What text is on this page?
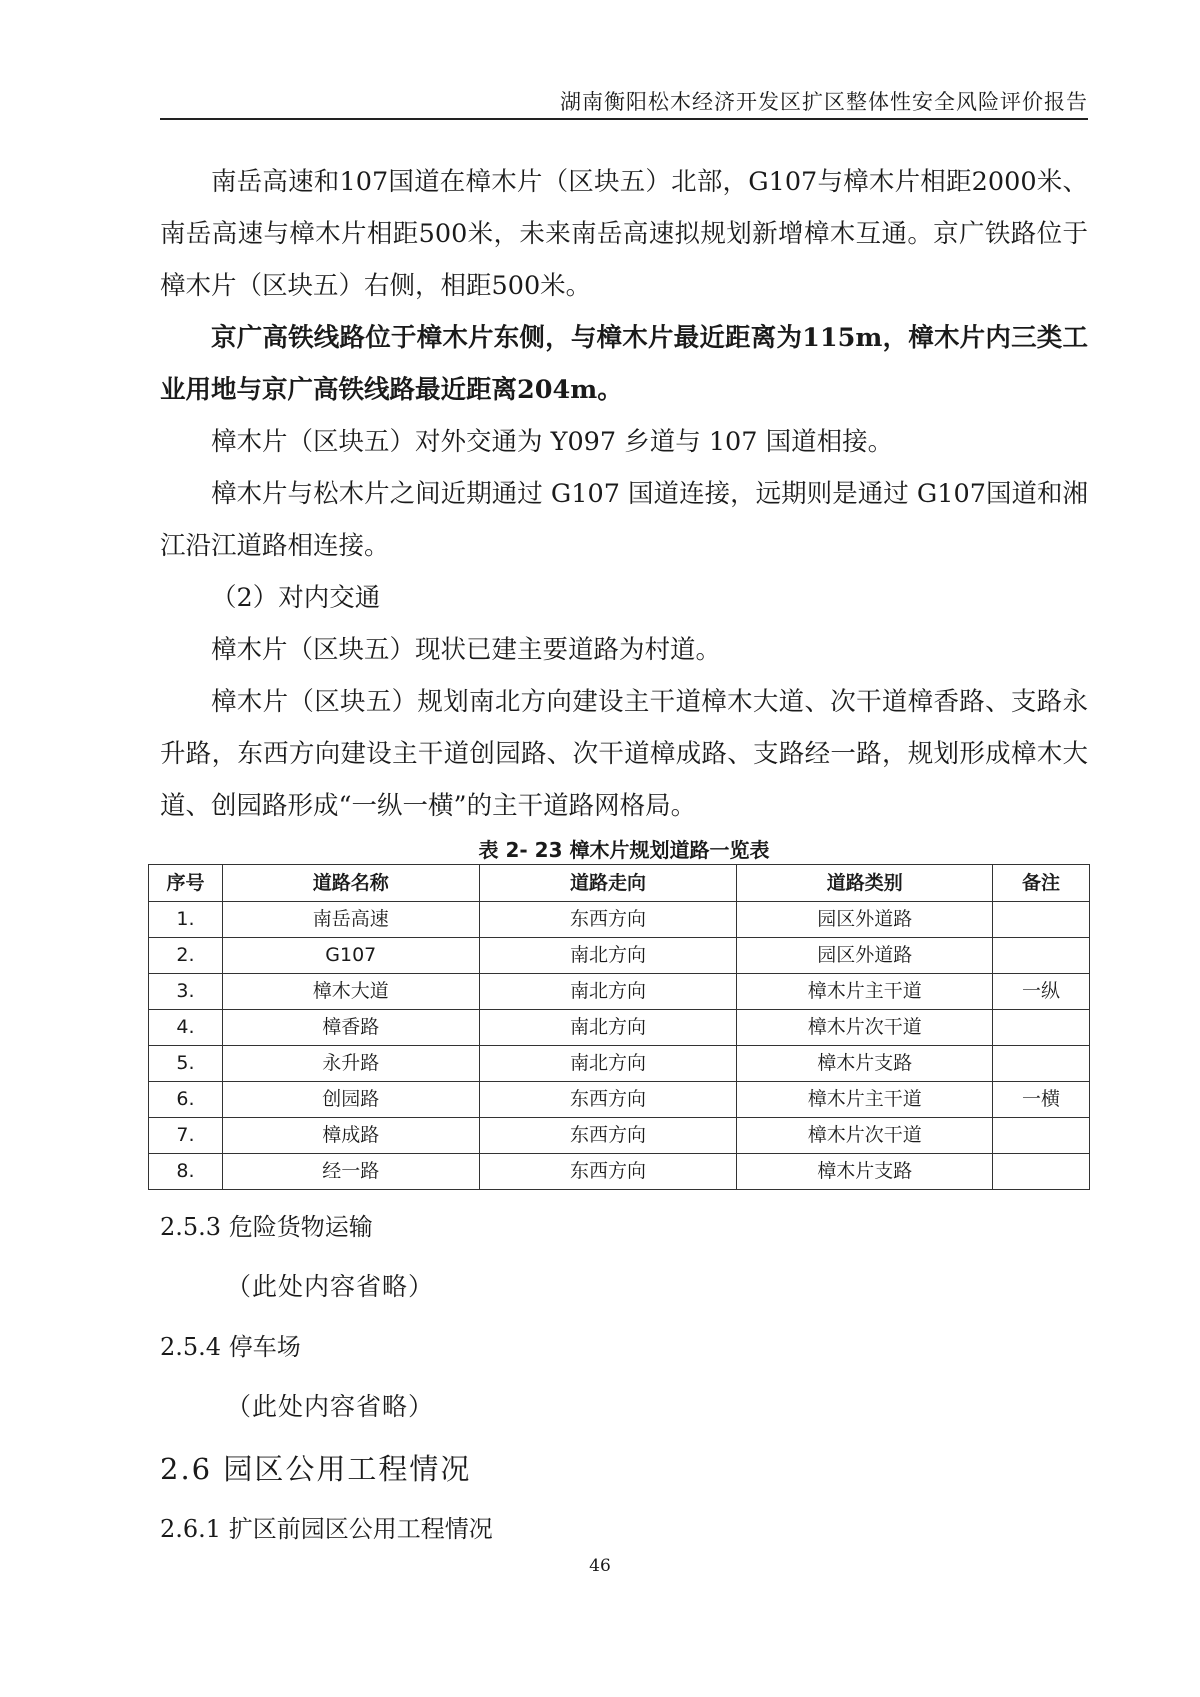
湖南衡阳松木经济开发区扩区整体性安全风险评价报告

南岳高速和107国道在樟木片（区块五）北部，G107与樟木片相距2000米、南岳高速与樟木片相距500米，未来南岳高速拟规划新增樟木互通。京广铁路位于樟木片（区块五）右侧，相距500米。

京广高铁线路位于樟木片东侧，与樟木片最近距离为115m，樟木片内三类工业用地与京广高铁线路最近距离204m。

樟木片（区块五）对外交通为 Y097 乡道与 107 国道相接。

樟木片与松木片之间近期通过 G107 国道连接，远期则是通过 G107国道和湘江沿江道路相连接。

（2）对内交通

樟木片（区块五）现状已建主要道路为村道。

樟木片（区块五）规划南北方向建设主干道樟木大道、次干道樟香路、支路永升路，东西方向建设主干道创园路、次干道樟成路、支路经一路，规划形成樟木大道、创园路形成“一纵一横”的主干道路网格局。

表 2- 23 樟木片规划道路一览表
序号	道路名称	道路走向	道路类别	备注
1.	南岳高速	东西方向	园区外道路	
2.	G107	南北方向	园区外道路	
3.	樟木大道	南北方向	樟木片主干道	一纵
4.	樟香路	南北方向	樟木片次干道	
5.	永升路	南北方向	樟木片支路	
6.	创园路	东西方向	樟木片主干道	一横
7.	樟成路	东西方向	樟木片次干道	
8.	经一路	东西方向	樟木片支路	

2.5.3 危险货物运输

（此处内容省略）

2.5.4 停车场

（此处内容省略）

2.6 园区公用工程情况

2.6.1 扩区前园区公用工程情况

46
